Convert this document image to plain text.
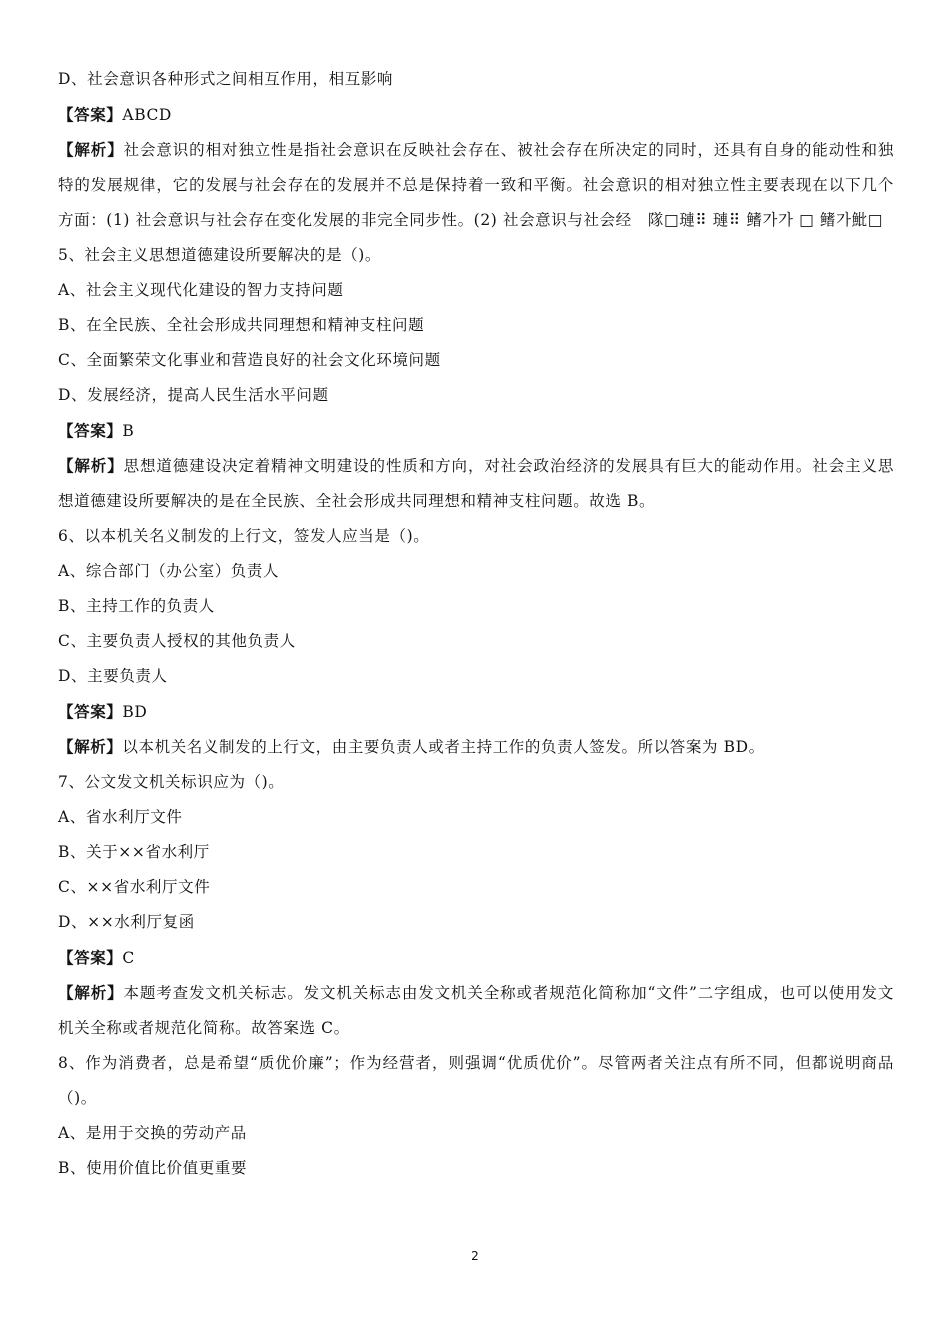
D、社会意识各种形式之间相互作用，相互影响
【答案】ABCD
【解析】社会意识的相对独立性是指社会意识在反映社会存在、被社会存在所决定的同时，还具有自身的能动性和独特的发展规律，它的发展与社会存在的发展并不总是保持着一致和平衡。社会意识的相对独立性主要表现在以下几个方面：(1) 社会意识与社会存在变化发展的非完全同步性。(2) 社会意识与社会经　隊□璉⠿ 璉⠿ 鳍가가 □ 鳍가魮□
5、社会主义思想道德建设所要解决的是（)。
A、社会主义现代化建设的智力支持问题
B、在全民族、全社会形成共同理想和精神支柱问题
C、全面繁荣文化事业和营造良好的社会文化环境问题
D、发展经济，提高人民生活水平问题
【答案】B
【解析】思想道德建设决定着精神文明建设的性质和方向，对社会政治经济的发展具有巨大的能动作用。社会主义思想道德建设所要解决的是在全民族、全社会形成共同理想和精神支柱问题。故选 B。
6、以本机关名义制发的上行文，签发人应当是（)。
A、综合部门（办公室）负责人
B、主持工作的负责人
C、主要负责人授权的其他负责人
D、主要负责人
【答案】BD
【解析】以本机关名义制发的上行文，由主要负责人或者主持工作的负责人签发。所以答案为 BD。
7、公文发文机关标识应为（)。
A、省水利厅文件
B、关于××省水利厅
C、××省水利厅文件
D、××水利厅复函
【答案】C
【解析】本题考查发文机关标志。发文机关标志由发文机关全称或者规范化简称加“文件”二字组成，也可以使用发文机关全称或者规范化简称。故答案选 C。
8、作为消费者，总是希望“质优价廉”；作为经营者，则强调“优质优价”。尽管两者关注点有所不同，但都说明商品（)。
A、是用于交换的劳动产品
B、使用价值比价值更重要
2
